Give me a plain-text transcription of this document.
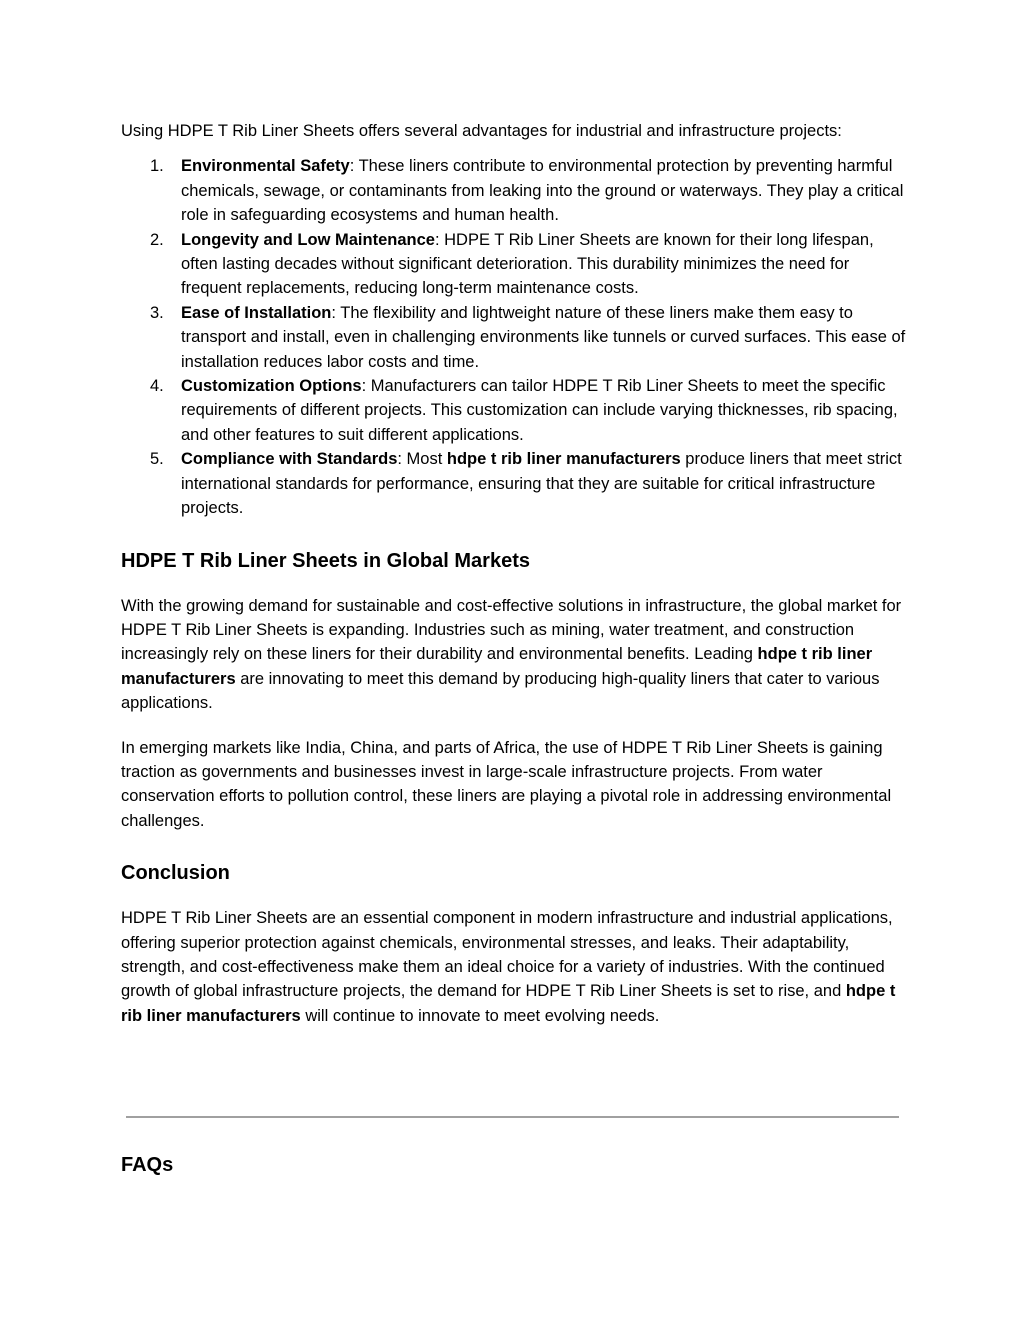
Using HDPE T Rib Liner Sheets offers several advantages for industrial and infrastructure projects:

1. Environmental Safety: These liners contribute to environmental protection by preventing harmful chemicals, sewage, or contaminants from leaking into the ground or waterways. They play a critical role in safeguarding ecosystems and human health.
2. Longevity and Low Maintenance: HDPE T Rib Liner Sheets are known for their long lifespan, often lasting decades without significant deterioration. This durability minimizes the need for frequent replacements, reducing long-term maintenance costs.
3. Ease of Installation: The flexibility and lightweight nature of these liners make them easy to transport and install, even in challenging environments like tunnels or curved surfaces. This ease of installation reduces labor costs and time.
4. Customization Options: Manufacturers can tailor HDPE T Rib Liner Sheets to meet the specific requirements of different projects. This customization can include varying thicknesses, rib spacing, and other features to suit different applications.
5. Compliance with Standards: Most hdpe t rib liner manufacturers produce liners that meet strict international standards for performance, ensuring that they are suitable for critical infrastructure projects.
HDPE T Rib Liner Sheets in Global Markets

With the growing demand for sustainable and cost-effective solutions in infrastructure, the global market for HDPE T Rib Liner Sheets is expanding. Industries such as mining, water treatment, and construction increasingly rely on these liners for their durability and environmental benefits. Leading hdpe t rib liner manufacturers are innovating to meet this demand by producing high-quality liners that cater to various applications.

In emerging markets like India, China, and parts of Africa, the use of HDPE T Rib Liner Sheets is gaining traction as governments and businesses invest in large-scale infrastructure projects. From water conservation efforts to pollution control, these liners are playing a pivotal role in addressing environmental challenges.

Conclusion

HDPE T Rib Liner Sheets are an essential component in modern infrastructure and industrial applications, offering superior protection against chemicals, environmental stresses, and leaks. Their adaptability, strength, and cost-effectiveness make them an ideal choice for a variety of industries. With the continued growth of global infrastructure projects, the demand for HDPE T Rib Liner Sheets is set to rise, and hdpe t rib liner manufacturers will continue to innovate to meet evolving needs.

FAQs
